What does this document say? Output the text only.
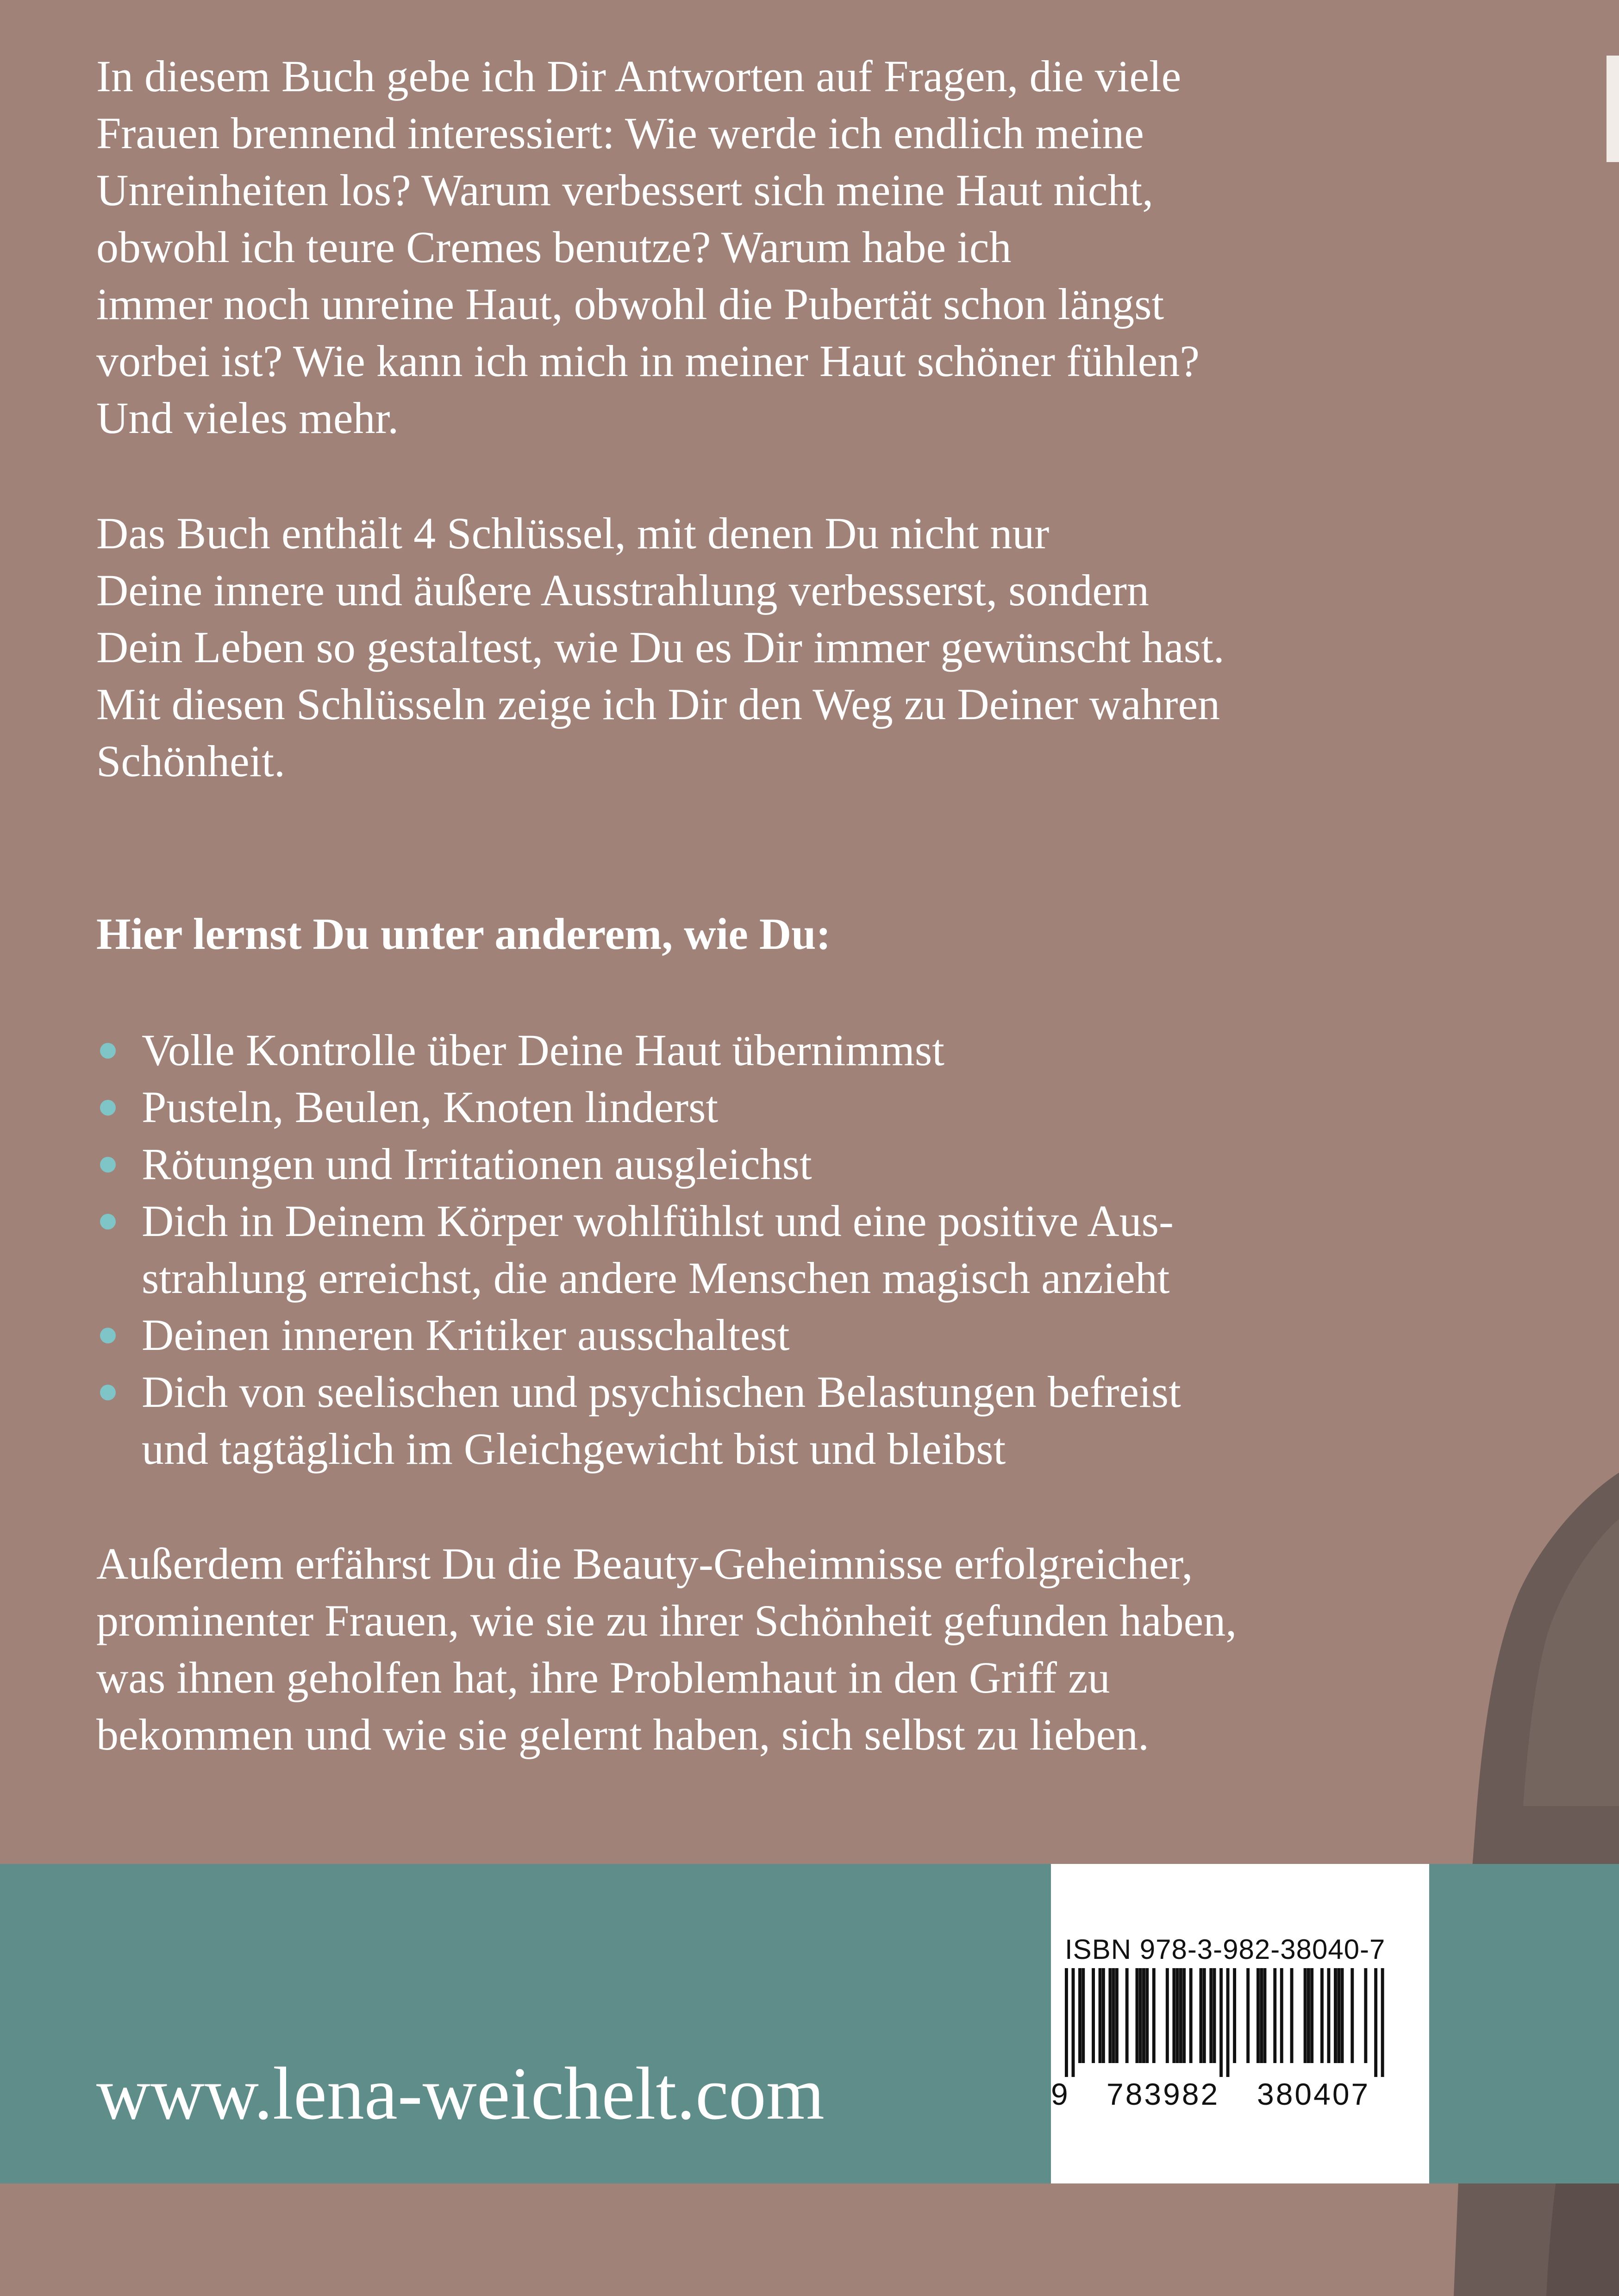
In diesem Buch gebe ich Dir Antworten auf Fragen, die viele
Frauen brennend interessiert: Wie werde ich endlich meine
Unreinheiten los? Warum verbessert sich meine Haut nicht,
obwohl ich teure Cremes benutze? Warum habe ich
immer noch unreine Haut, obwohl die Pubertät schon längst
vorbei ist? Wie kann ich mich in meiner Haut schöner fühlen?
Und vieles mehr.
Das Buch enthält 4 Schlüssel, mit denen Du nicht nur
Deine innere und äußere Ausstrahlung verbesserst, sondern
Dein Leben so gestaltest, wie Du es Dir immer gewünscht hast.
Mit diesen Schlüsseln zeige ich Dir den Weg zu Deiner wahren
Schönheit.
Hier lernst Du unter anderem, wie Du:
Volle Kontrolle über Deine Haut übernimmst
Pusteln, Beulen, Knoten linderst
Rötungen und Irritationen ausgleichst
Dich in Deinem Körper wohlfühlst und eine positive Aus-
strahlung erreichst, die andere Menschen magisch anzieht
Deinen inneren Kritiker ausschaltest
Dich von seelischen und psychischen Belastungen befreist
und tagtäglich im Gleichgewicht bist und bleibst
Außerdem erfährst Du die Beauty-Geheimnisse erfolgreicher,
prominenter Frauen, wie sie zu ihrer Schönheit gefunden haben,
was ihnen geholfen hat, ihre Problemhaut in den Griff zu
bekommen und wie sie gelernt haben, sich selbst zu lieben.
www.lena-weichelt.com
ISBN 978-3-982-38040-7
9 783982 380407
